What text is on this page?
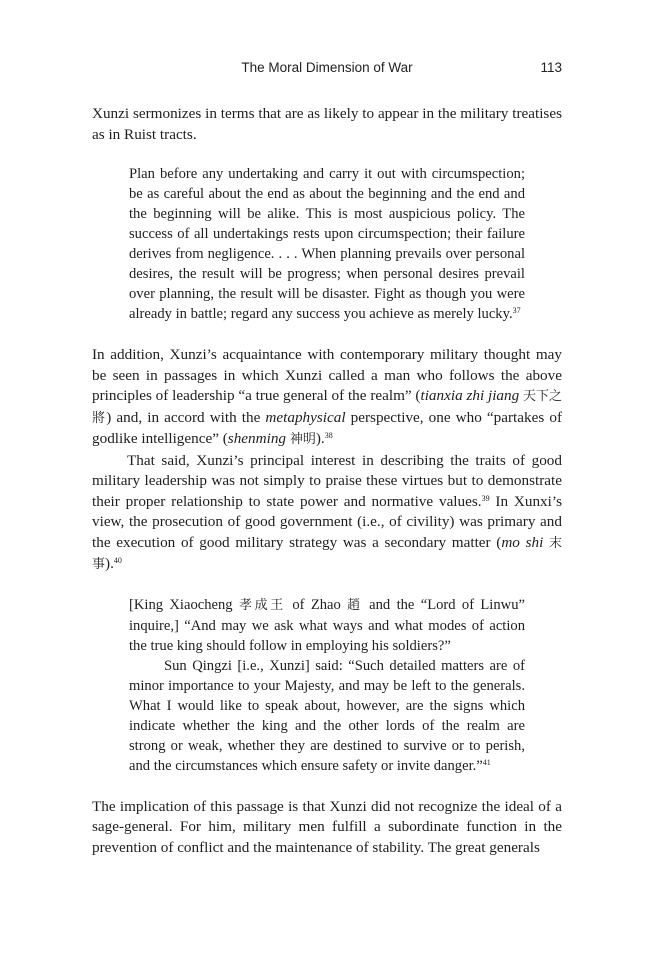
The Moral Dimension of War	113

Xunzi sermonizes in terms that are as likely to appear in the military treatises as in Ruist tracts.

Plan before any undertaking and carry it out with circumspection; be as careful about the end as about the beginning and the end and the beginning will be alike. This is most auspicious policy. The success of all undertakings rests upon circumspection; their failure derives from negligence. . . . When planning prevails over personal desires, the result will be progress; when personal desires prevail over planning, the result will be disaster. Fight as though you were already in battle; regard any success you achieve as merely lucky.$^{37}$

In addition, Xunzi’s acquaintance with contemporary military thought may be seen in passages in which Xunzi called a man who follows the above principles of leadership “a true general of the realm” (tianxia zhi jiang 天下之將) and, in accord with the metaphysical perspective, one who “partakes of godlike intelligence” (shenming 神明).$^{38}$

That said, Xunzi’s principal interest in describing the traits of good military leadership was not simply to praise these virtues but to demonstrate their proper relationship to state power and normative values.$^{39}$ In Xunxi’s view, the prosecution of good government (i.e., of civility) was primary and the execution of good military strategy was a secondary matter (mo shi 末事).$^{40}$

[King Xiaocheng 孝成王 of Zhao 趙 and the “Lord of Linwu” inquire,] “And may we ask what ways and what modes of action the true king should follow in employing his soldiers?”

Sun Qingzi [i.e., Xunzi] said: “Such detailed matters are of minor importance to your Majesty, and may be left to the generals. What I would like to speak about, however, are the signs which indicate whether the king and the other lords of the realm are strong or weak, whether they are destined to survive or to perish, and the circumstances which ensure safety or invite danger.”$^{41}$

The implication of this passage is that Xunzi did not recognize the ideal of a sage-general. For him, military men fulfill a subordinate function in the prevention of conflict and the maintenance of stability. The great generals
